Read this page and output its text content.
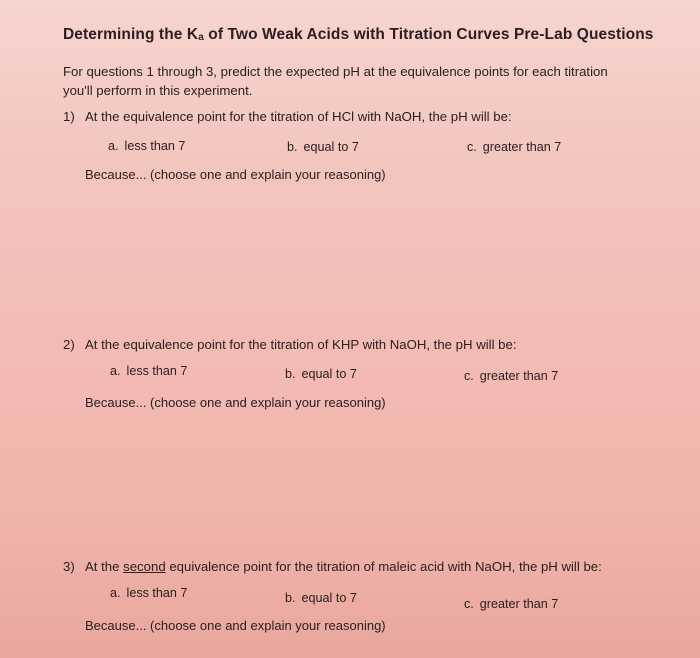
Determining the $K_a$ of Two Weak Acids with Titration Curves Pre-Lab Questions
For questions 1 through 3, predict the expected pH at the equivalence points for each titration you'll perform in this experiment.
1) At the equivalence point for the titration of HCl with NaOH, the pH will be:
a. less than 7	b. equal to 7	c. greater than 7
Because... (choose one and explain your reasoning)
2) At the equivalence point for the titration of KHP with NaOH, the pH will be:
a. less than 7	b. equal to 7	c. greater than 7
Because... (choose one and explain your reasoning)
3) At the second equivalence point for the titration of maleic acid with NaOH, the pH will be:
a. less than 7	b. equal to 7	c. greater than 7
Because... (choose one and explain your reasoning)
